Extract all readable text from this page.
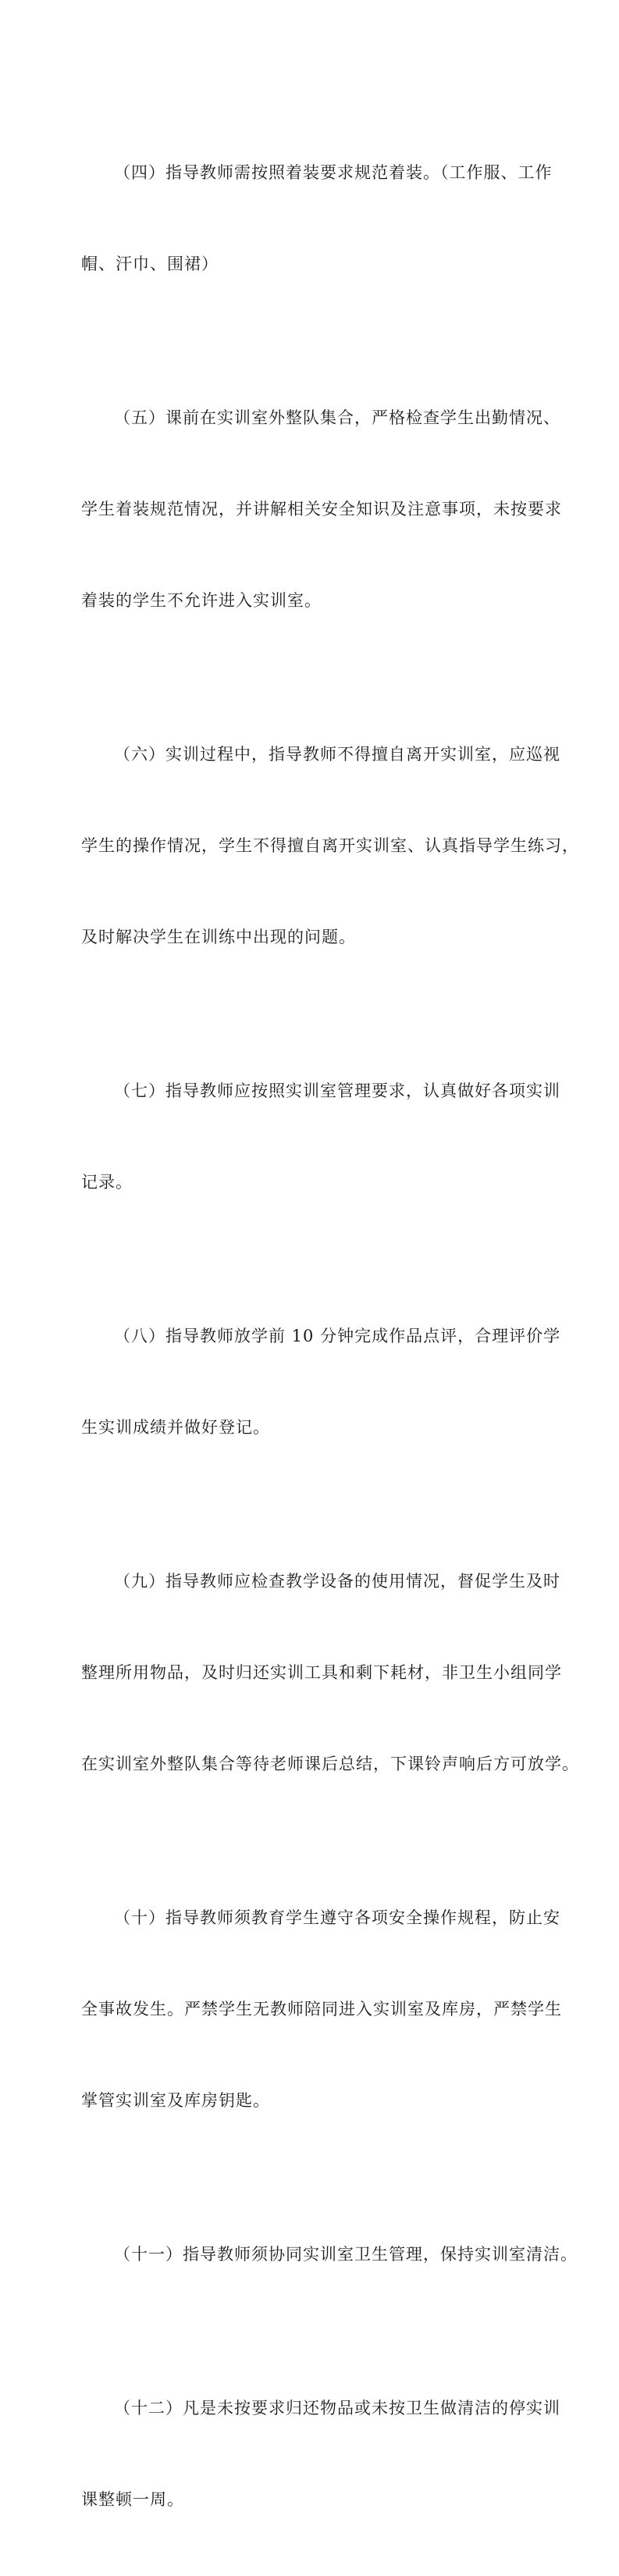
（四）指导教师需按照着装要求规范着装。（工作服、工作

帽、汗巾、围裙）

（五）课前在实训室外整队集合，严格检查学生出勤情况、

学生着装规范情况，并讲解相关安全知识及注意事项，未按要求

着装的学生不允许进入实训室。

（六）实训过程中，指导教师不得擅自离开实训室，应巡视

学生的操作情况，学生不得擅自离开实训室、认真指导学生练习，

及时解决学生在训练中出现的问题。

（七）指导教师应按照实训室管理要求，认真做好各项实训

记录。

（八）指导教师放学前 10 分钟完成作品点评，合理评价学

生实训成绩并做好登记。

（九）指导教师应检查教学设备的使用情况，督促学生及时

整理所用物品，及时归还实训工具和剩下耗材，非卫生小组同学

在实训室外整队集合等待老师课后总结，下课铃声响后方可放学。

（十）指导教师须教育学生遵守各项安全操作规程，防止安

全事故发生。严禁学生无教师陪同进入实训室及库房，严禁学生

掌管实训室及库房钥匙。

（十一）指导教师须协同实训室卫生管理，保持实训室清洁。

（十二）凡是未按要求归还物品或未按卫生做清洁的停实训

课整顿一周。
